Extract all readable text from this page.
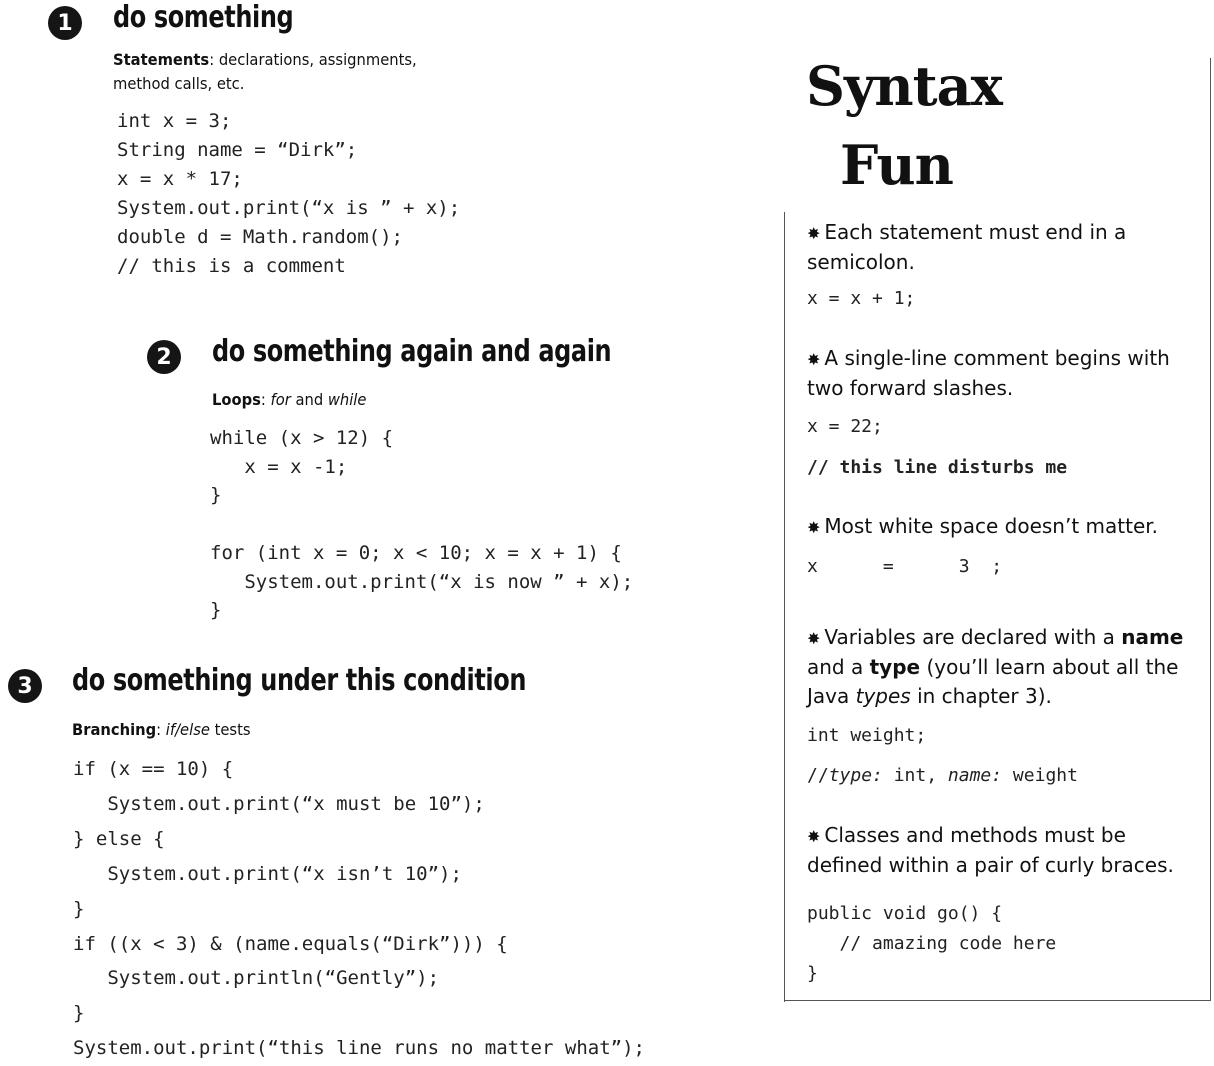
1	do something

Statements: declarations, assignments,

method calls, etc.

int x = 3;
String name = “Dirk”;
x = x * 17;
System.out.print(“x is ” + x);
double d = Math.random();
// this is a comment
2	do something again and again

Loops: for and while

while (x > 12) {
x = x -1;
}

for (int x = 0; x < 10; x = x + 1) {
System.out.print(“x is now ” + x);
}
3	do something under this condition

Branching: if/else tests

if (x == 10) {
System.out.print(“x must be 10”);
} else {
System.out.print(“x isn’t 10”);
}
if ((x < 3) & (name.equals(“Dirk”))) {
System.out.println(“Gently”);
}
System.out.print(“this line runs no matter what”);
Syntax
Fun

✸ Each statement must end in a semicolon.

x = x + 1;

✸ A single-line comment begins with two forward slashes.

x = 22;
// this line disturbs me

✸ Most white space doesn’t matter.

x      =      3  ;

✸ Variables are declared with a name and a type (you’ll learn about all the Java types in chapter 3).

int weight;
//type: int, name: weight

✸ Classes and methods must be defined within a pair of curly braces.

public void go() {
// amazing code here
}
